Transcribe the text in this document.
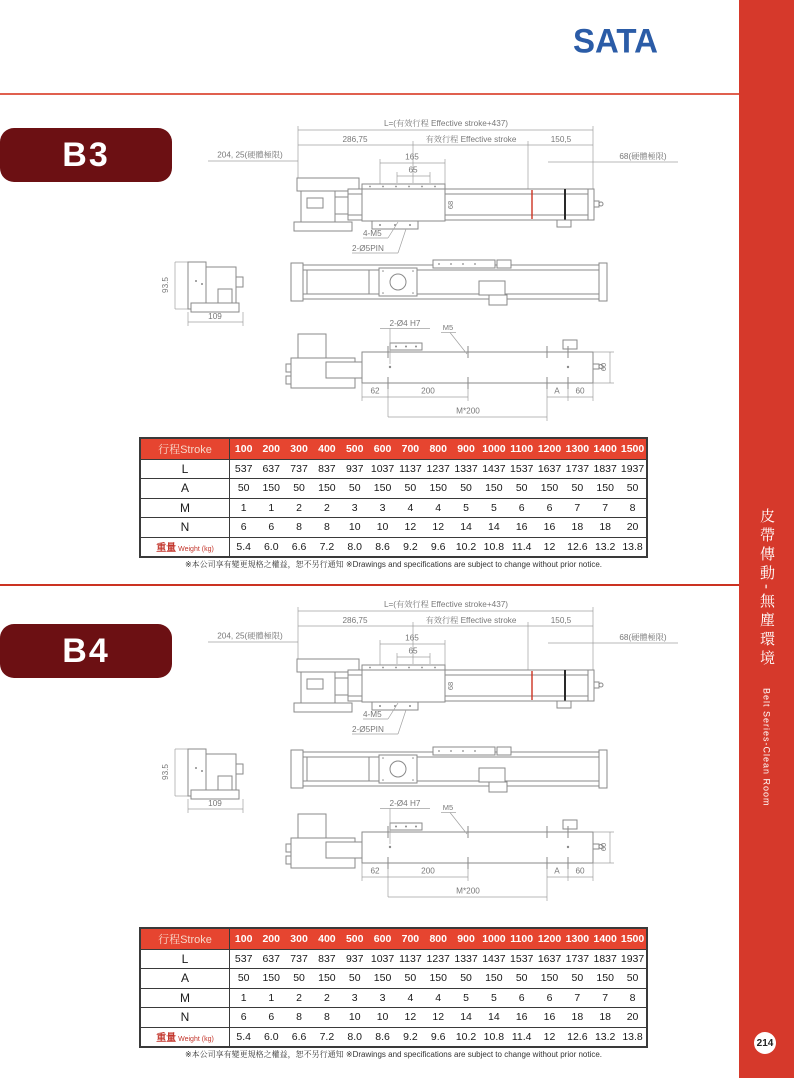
SATA
B3
L=(有效行程 Effective stroke+437)
286,75	有效行程 Effective stroke	150,5
204, 25(硬體極限)	68(硬體極限)
165
65
68
4-M5
2-Ø5PIN
93.5
109
60
62	200	A 60
M*200
2-Ø4 H7	M5
行程Stroke	100	200	300	400	500	600	700	800	900	1000	1100	1200	1300	1400	1500
L	537	637	737	837	937	1037	1137	1237	1337	1437	1537	1637	1737	1837	1937
A	50	150	50	150	50	150	50	150	50	150	50	150	50	150	50
M	1	1	2	2	3	3	4	4	5	5	6	6	7	7	8
N	6	6	8	8	10	10	12	12	14	14	16	16	18	18	20
重量 Weight (kg)	5.4	6.0	6.6	7.2	8.0	8.6	9.2	9.6	10.2	10.8	11.4	12	12.6	13.2	13.8
※本公司享有變更規格之權益，恕不另行通知 ※Drawings and specifications are subject to change without prior notice.
B4
L=(有效行程 Effective stroke+437)
286,75	有效行程 Effective stroke	150,5
204, 25(硬體極限)	68(硬體極限)
165
65
68
4-M5
2-Ø5PIN
93.5
109
60
62	200	A 60
M*200
2-Ø4 H7	M5
行程Stroke	100	200	300	400	500	600	700	800	900	1000	1100	1200	1300	1400	1500
L	537	637	737	837	937	1037	1137	1237	1337	1437	1537	1637	1737	1837	1937
A	50	150	50	150	50	150	50	150	50	150	50	150	50	150	50
M	1	1	2	2	3	3	4	4	5	5	6	6	7	7	8
N	6	6	8	8	10	10	12	12	14	14	16	16	18	18	20
重量 Weight (kg)	5.4	6.0	6.6	7.2	8.0	8.6	9.2	9.6	10.2	10.8	11.4	12	12.6	13.2	13.8
※本公司享有變更規格之權益，恕不另行通知 ※Drawings and specifications are subject to change without prior notice.
皮帶傳動-無塵環境
Belt Series-Clean Room
214
